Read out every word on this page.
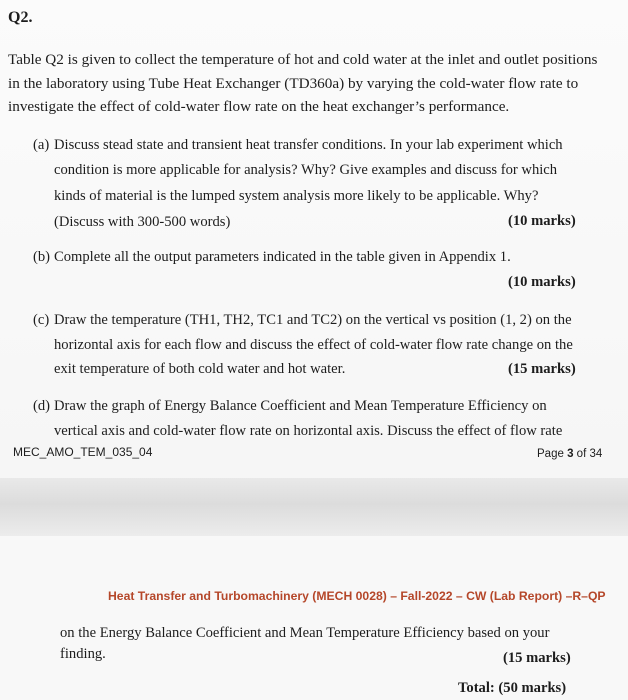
Q2.
Table Q2 is given to collect the temperature of hot and cold water at the inlet and outlet positions
in the laboratory using Tube Heat Exchanger (TD360a) by varying the cold-water flow rate to
investigate the effect of cold-water flow rate on the heat exchanger’s performance.
(a) Discuss stead state and transient heat transfer conditions. In your lab experiment which
condition is more applicable for analysis? Why? Give examples and discuss for which
kinds of material is the lumped system analysis more likely to be applicable. Why?
(Discuss with 300-500 words)	(10 marks)
(b) Complete all the output parameters indicated in the table given in Appendix 1.
(10 marks)
(c) Draw the temperature (TH1, TH2, TC1 and TC2) on the vertical vs position (1, 2) on the
horizontal axis for each flow and discuss the effect of cold-water flow rate change on the
exit temperature of both cold water and hot water.	(15 marks)
(d) Draw the graph of Energy Balance Coefficient and Mean Temperature Efficiency on
vertical axis and cold-water flow rate on horizontal axis. Discuss the effect of flow rate
MEC_AMO_TEM_035_04	Page 3 of 34
Heat Transfer and Turbomachinery (MECH 0028) – Fall-2022 – CW (Lab Report) –R–QP
on the Energy Balance Coefficient and Mean Temperature Efficiency based on your
finding.	(15 marks)
Total: (50 marks)
